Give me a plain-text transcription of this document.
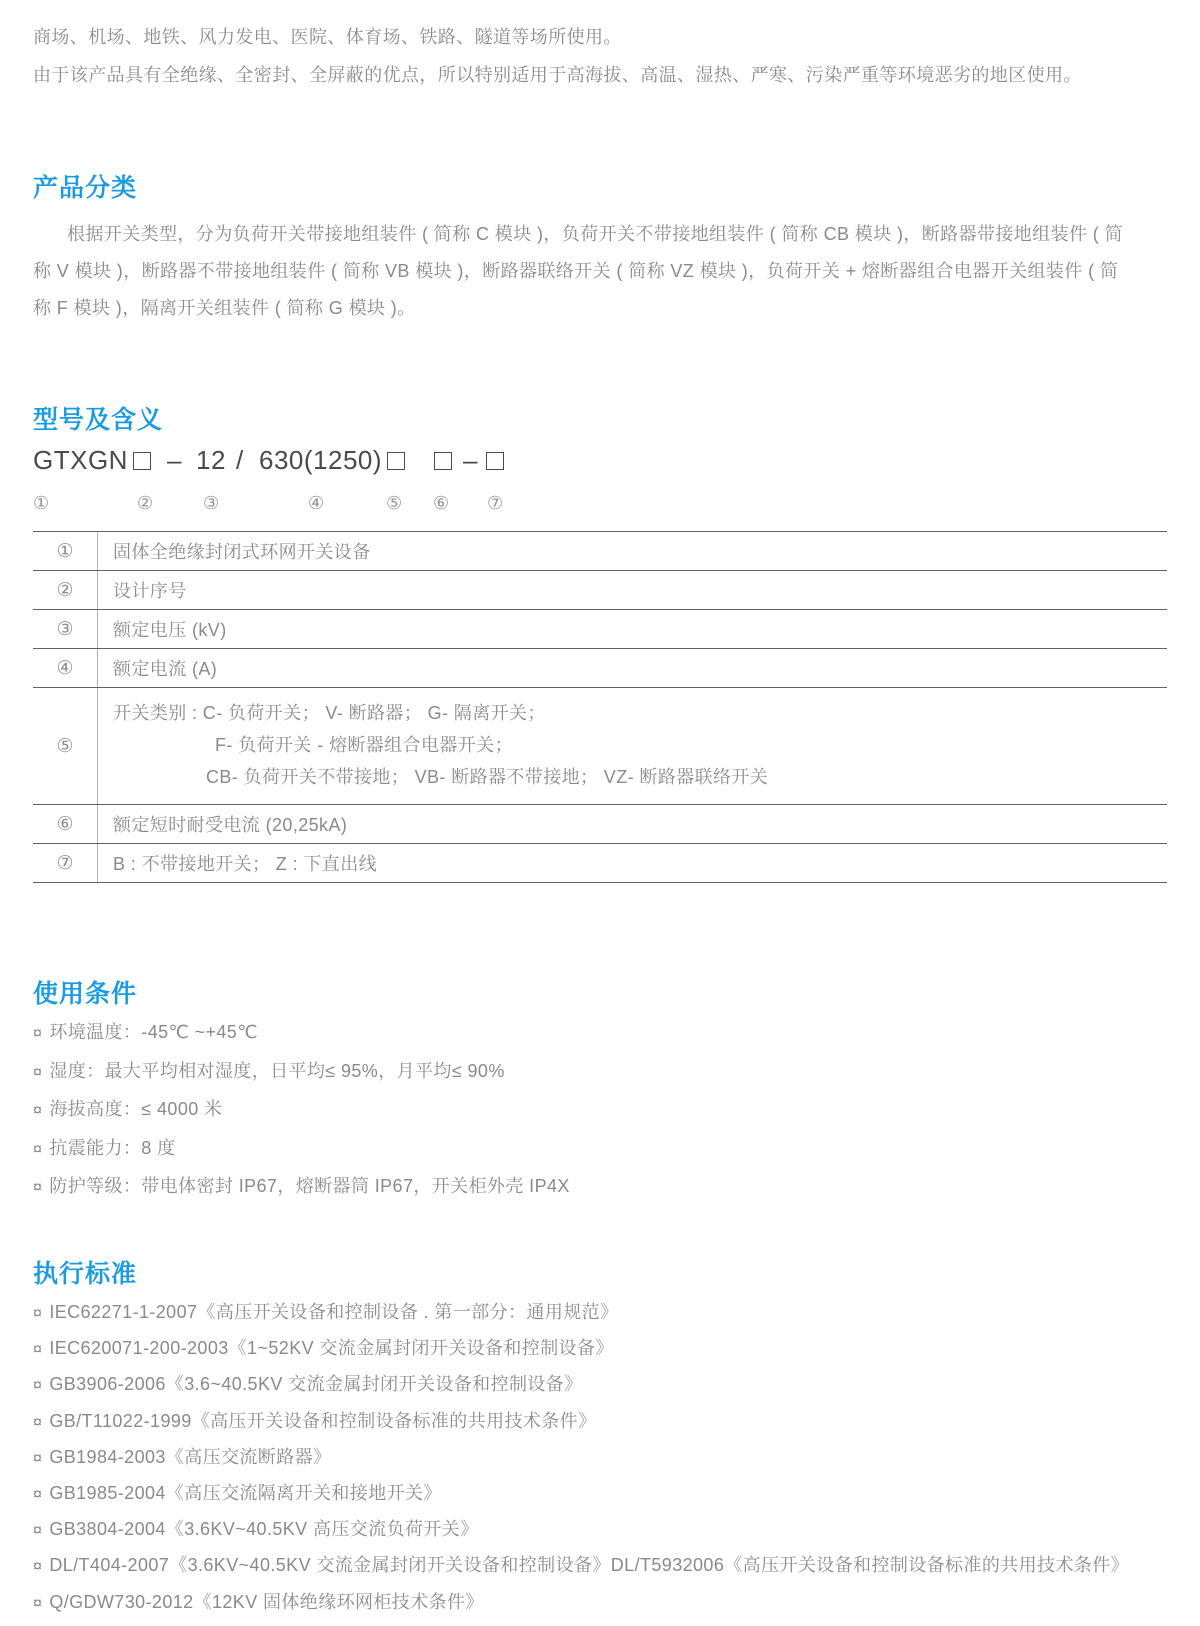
商场、机场、地铁、风力发电、医院、体育场、铁路、隧道等场所使用。
由于该产品具有全绝缘、全密封、全屏蔽的优点，所以特别适用于高海拔、高温、湿热、严寒、污染严重等环境恶劣的地区使用。
产品分类
根据开关类型，分为负荷开关带接地组装件 ( 简称 C 模块 )，负荷开关不带接地组装件 ( 简称 CB 模块 )，断路器带接地组装件 ( 简
称 V 模块 )，断路器不带接地组装件 ( 简称 VB 模块 )，断路器联络开关 ( 简称 VZ 模块 )，负荷开关 + 熔断器组合电器开关组装件 ( 简
称 F 模块 )，隔离开关组装件 ( 简称 G 模块 )。
型号及含义
GTXGN – 12 / 630(1250)	–
①	②	③	④	⑤ ⑥ ⑦
①	固体全绝缘封闭式环网开关设备
②	设计序号
③	额定电压 (kV)
④	额定电流 (A)
⑤
开关类别 : C- 负荷开关； V- 断路器； G- 隔离开关；
F- 负荷开关 - 熔断器组合电器开关；
CB- 负荷开关不带接地； VB- 断路器不带接地； VZ- 断路器联络开关
⑥	额定短时耐受电流 (20,25kA)
⑦	B : 不带接地开关； Z : 下直出线
使用条件
¤ 环境温度：-45℃ ~+45℃
¤ 湿度：最大平均相对湿度，日平均≤ 95%，月平均≤ 90%
¤ 海拔高度：≤ 4000 米
¤ 抗震能力：8 度
¤ 防护等级：带电体密封 IP67，熔断器筒 IP67，开关柜外壳 IP4X
执行标准
¤ IEC62271-1-2007《高压开关设备和控制设备 . 第一部分：通用规范》
¤ IEC620071-200-2003《1~52KV 交流金属封闭开关设备和控制设备》
¤ GB3906-2006《3.6~40.5KV 交流金属封闭开关设备和控制设备》
¤ GB/T11022-1999《高压开关设备和控制设备标准的共用技术条件》
¤ GB1984-2003《高压交流断路器》
¤ GB1985-2004《高压交流隔离开关和接地开关》
¤ GB3804-2004《3.6KV~40.5KV 高压交流负荷开关》
¤ DL/T404-2007《3.6KV~40.5KV 交流金属封闭开关设备和控制设备》DL/T5932006《高压开关设备和控制设备标准的共用技术条件》
¤ Q/GDW730-2012《12KV 固体绝缘环网柜技术条件》
